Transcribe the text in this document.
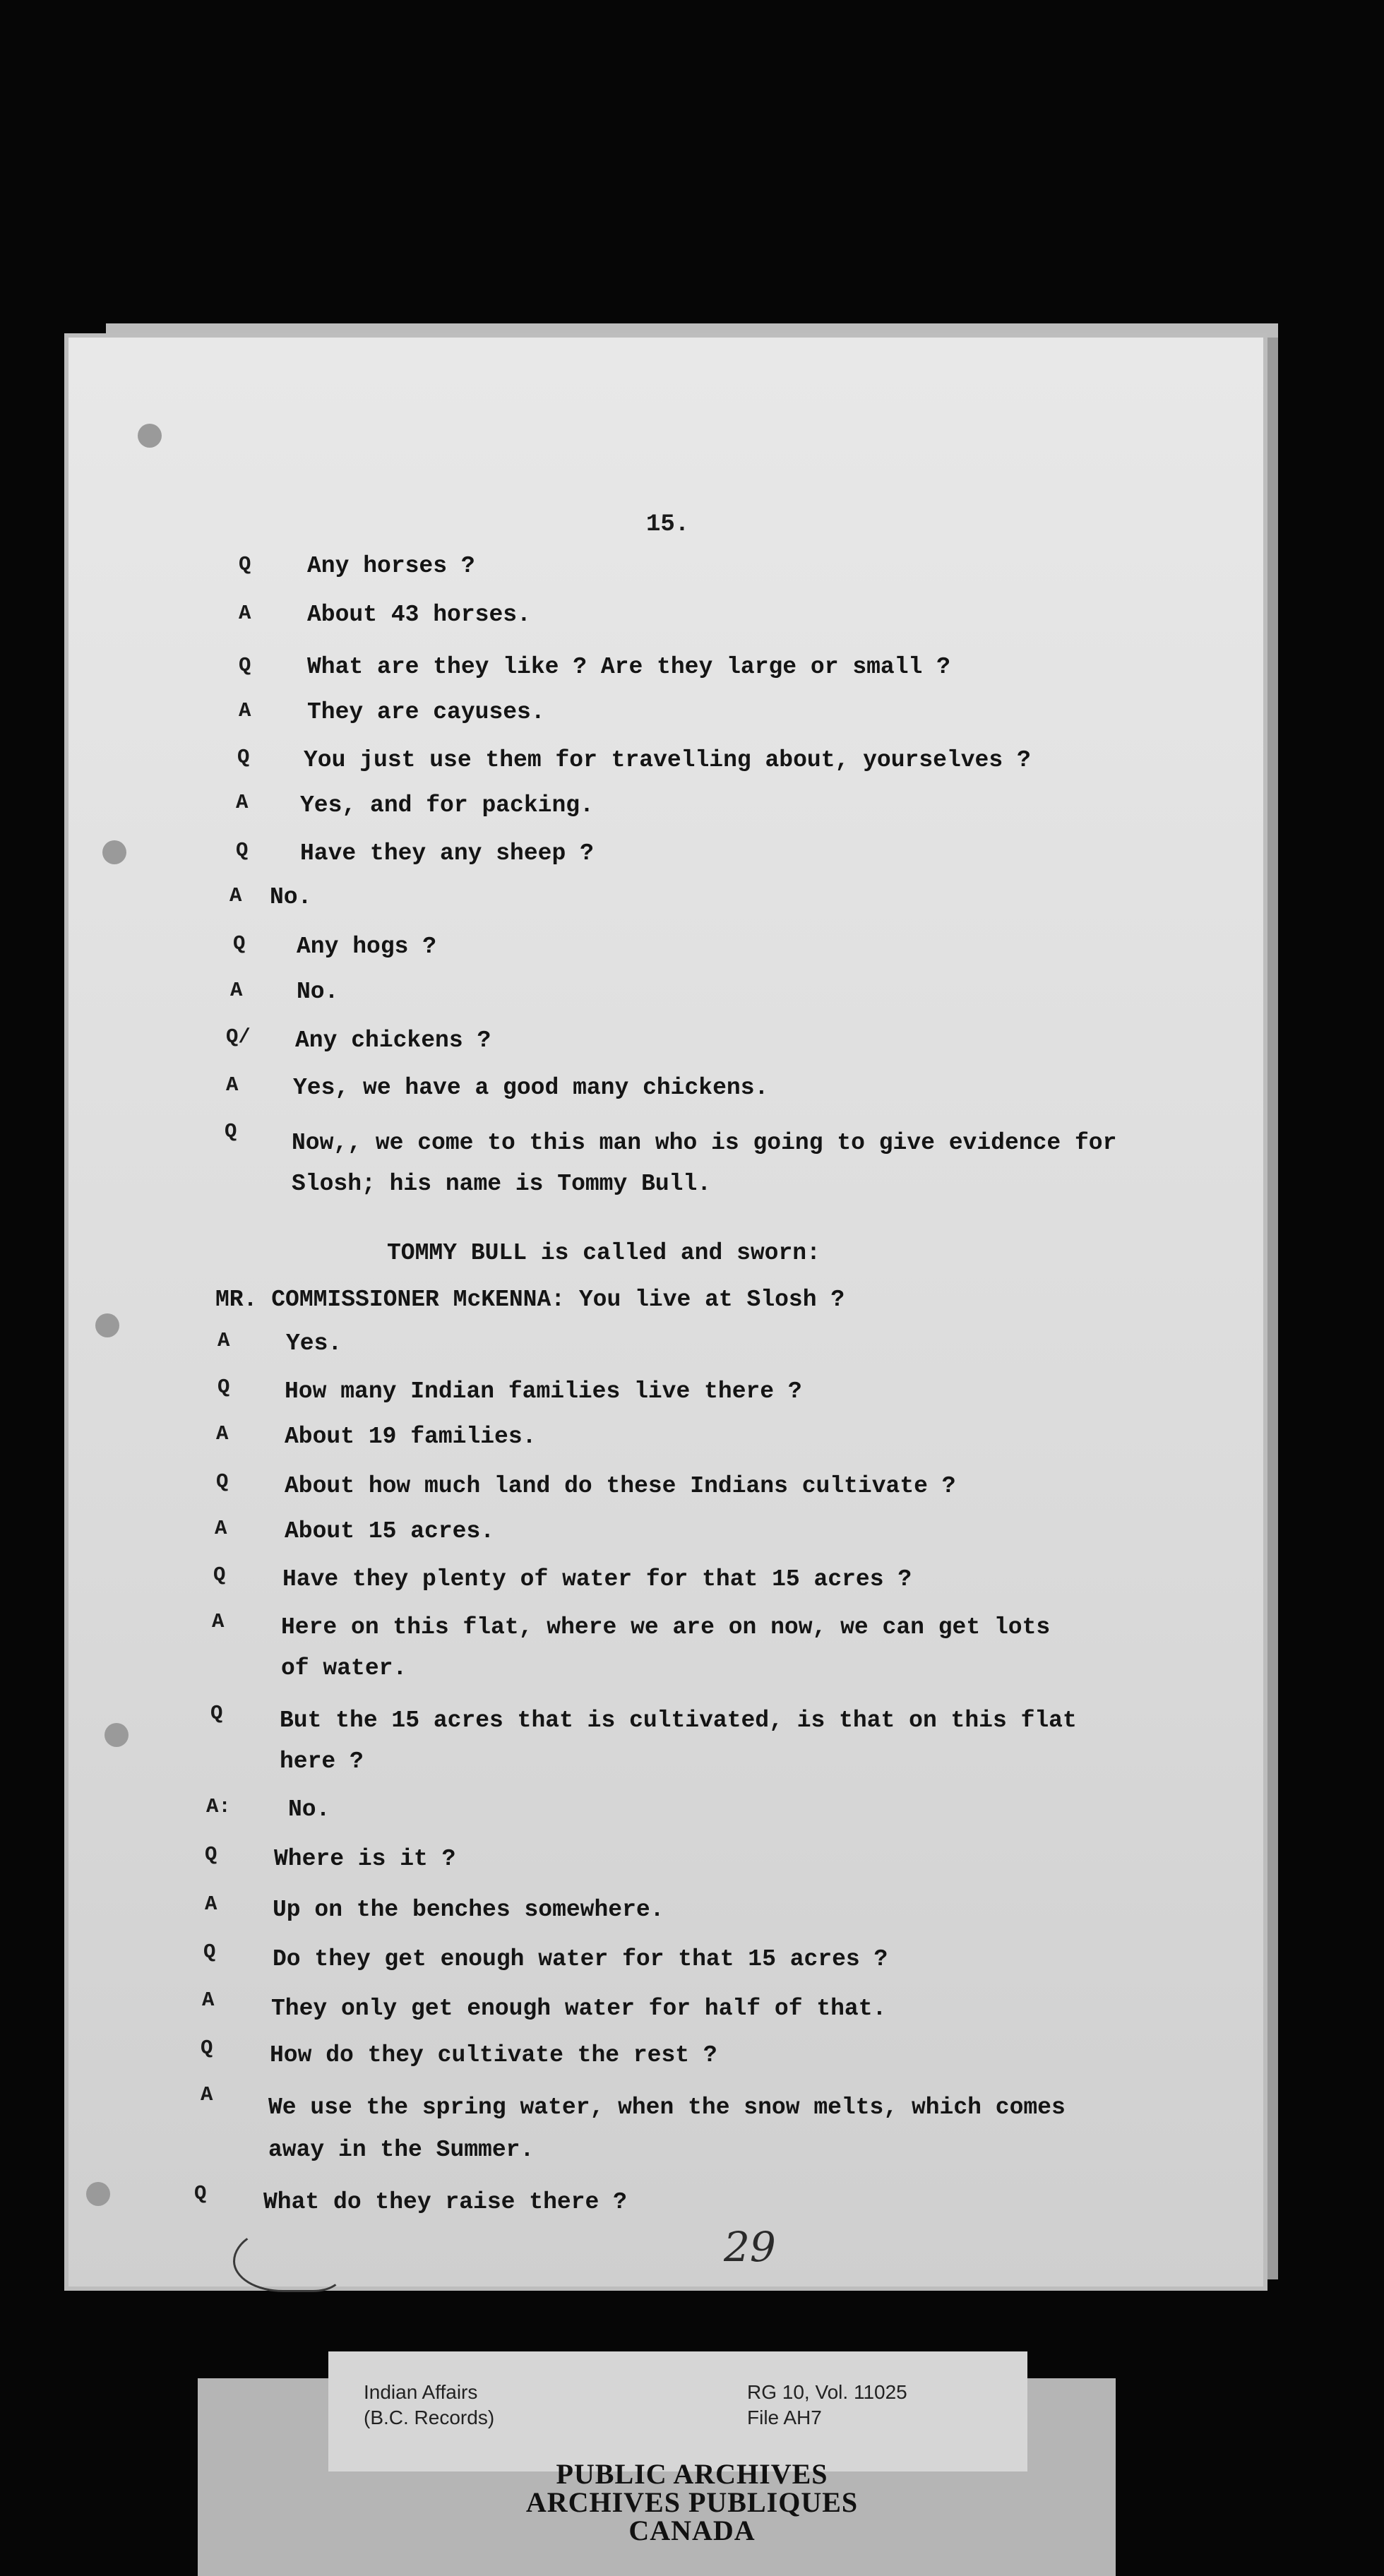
15.
Q Any horses ?
A About 43 horses.
Q What are they like ? Are they large or small ?
A They are cayuses.
Q You just use them for travelling about, yourselves ?
A Yes, and for packing.
Q Have they any sheep ?
A No.
Q Any hogs ?
A No.
Q/ Any chickens ?
A Yes, we have a good many chickens.
Q Now,, we come to this man who is going to give evidence for
Slosh; his name is Tommy Bull.
TOMMY BULL is called and sworn:
MR. COMMISSIONER McKENNA: You live at Slosh ?
A Yes.
Q How many Indian families live there ?
A About 19 families.
Q About how much land do these Indians cultivate ?
A About 15 acres.
Q Have they plenty of water for that 15 acres ?
A Here on this flat, where we are on now, we can get lots
of water.
Q But the 15 acres that is cultivated, is that on this flat
here ?
A: No.
Q Where is it ?
A Up on the benches somewhere.
Q Do they get enough water for that 15 acres ?
A They only get enough water for half of that.
Q How do they cultivate the rest ?
A We use the spring water, when the snow melts, which comes
away in the Summer.
Q What do they raise there ?
29
Indian Affairs
(B.C. Records)
RG 10, Vol. 11025
File AH7
PUBLIC ARCHIVES
ARCHIVES PUBLIQUES
CANADA
